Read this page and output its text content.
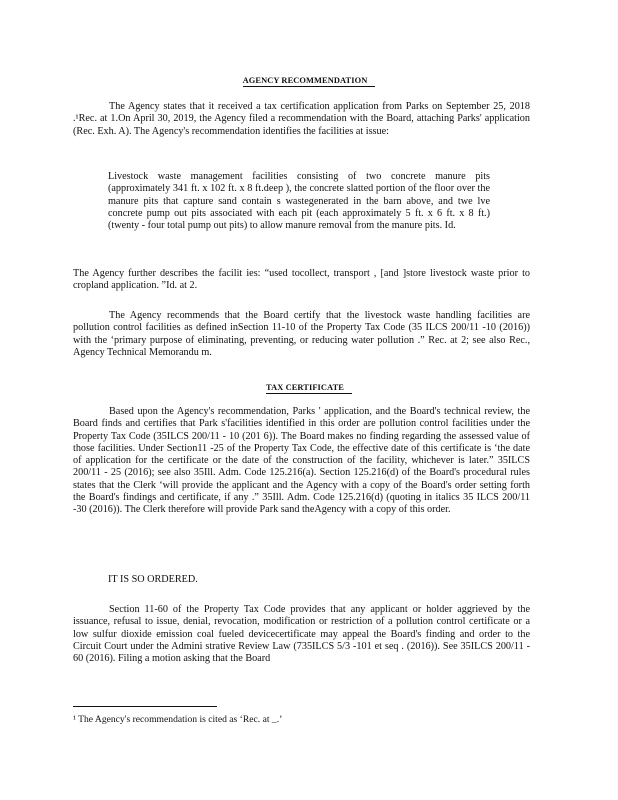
AGENCY RECOMMENDATION

The Agency states that it received a tax certification application from Parks on September 25, 2018 .¹Rec. at 1.On April 30, 2019, the Agency filed a recommendation with the Board, attaching Parks' application (Rec. Exh. A). The Agency's recommendation identifies the facilities at issue:

Livestock waste management facilities consisting of two concrete manure pits (approximately 341 ft. x 102 ft. x 8 ft.deep ), the concrete slatted portion of the floor over the manure pits that capture sand contain s wastegenerated in the barn above, and twe lve concrete pump out pits associated with each pit (each approximately 5 ft. x 6 ft. x 8 ft.) (twenty - four total pump out pits) to allow manure removal from the manure pits. Id.

The Agency further describes the facilit ies: “used tocollect, transport , [and ]store livestock waste prior to cropland application. ”Id. at 2.

The Agency recommends that the Board certify that the livestock waste handling facilities are pollution control facilities as defined inSection 11-10 of the Property Tax Code (35 ILCS 200/11 -10 (2016)) with the ‘primary purpose of eliminating, preventing, or reducing water pollution .” Rec. at 2; see also Rec., Agency Technical Memorandu m.

TAX CERTIFICATE

Based upon the Agency's recommendation, Parks ' application, and the Board's technical review, the Board finds and certifies that Park s'facilities identified in this order are pollution control facilities under the Property Tax Code (35ILCS 200/11 - 10 (201 6)). The Board makes no finding regarding the assessed value of those facilities. Under Section11 -25 of the Property Tax Code, the effective date of this certificate is ‘the date of application for the certificate or the date of the construction of the facility, whichever is later.” 35ILCS 200/11 - 25 (2016); see also 35Ill. Adm. Code 125.216(a). Section 125.216(d) of the Board's procedural rules states that the Clerk ‘will provide the applicant and the Agency with a copy of the Board's order setting forth the Board's findings and certificate, if any .” 35Ill. Adm. Code 125.216(d) (quoting in italics 35 ILCS 200/11 -30 (2016)). The Clerk therefore will provide Park sand theAgency with a copy of this order.

IT IS SO ORDERED.

Section 11-60 of the Property Tax Code provides that any applicant or holder aggrieved by the issuance, refusal to issue, denial, revocation, modification or restriction of a pollution control certificate or a low sulfur dioxide emission coal fueled devicecertificate may appeal the Board's finding and order to the Circuit Court under the Admini strative Review Law (735ILCS 5/3 -101 et seq . (2016)). See 35ILCS 200/11 - 60 (2016). Filing a motion asking that the Board

¹ The Agency's recommendation is cited as ‘Rec. at _.’
